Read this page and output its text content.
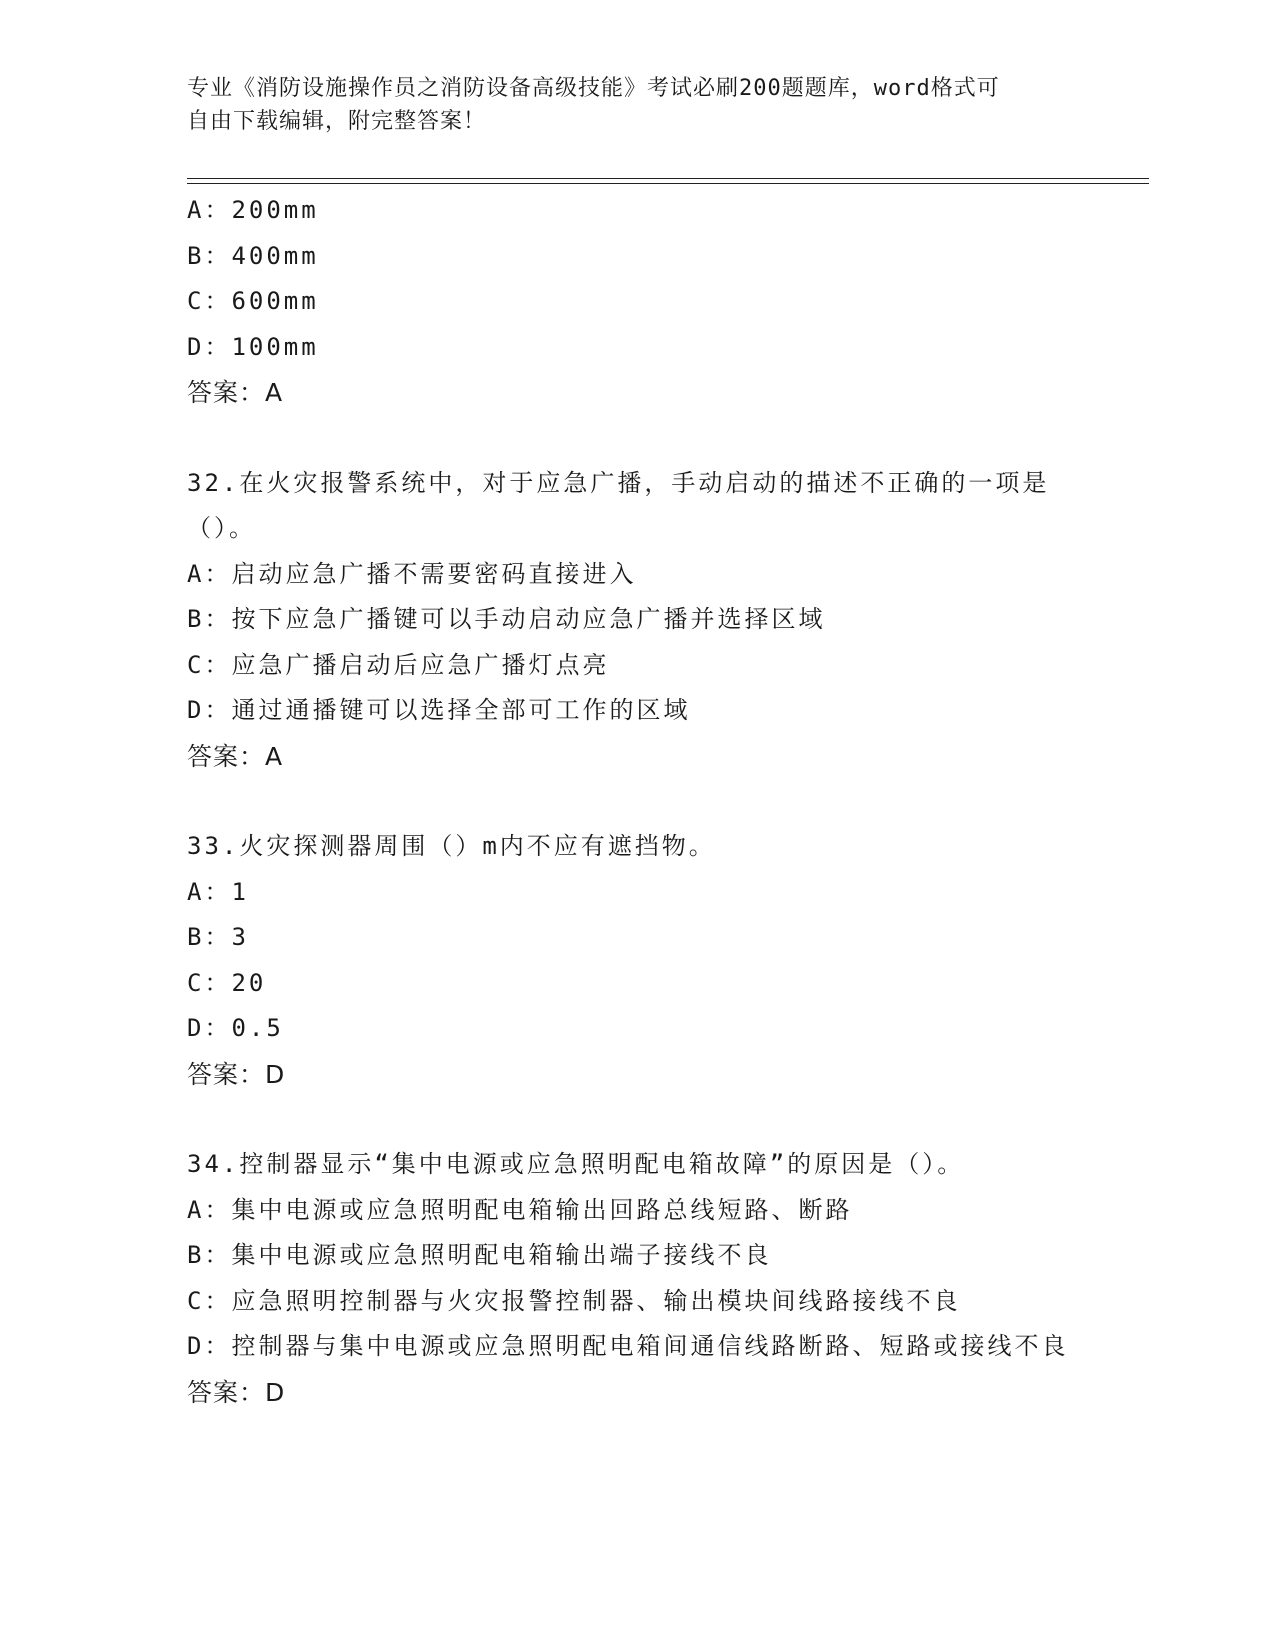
专业《消防设施操作员之消防设备高级技能》考试必刷200题题库，word格式可
自由下载编辑，附完整答案！
A：200mm
B：400mm
C：600mm
D：100mm
答案：A
32.在火灾报警系统中，对于应急广播，手动启动的描述不正确的一项是（）。
A：启动应急广播不需要密码直接进入
B：按下应急广播键可以手动启动应急广播并选择区域
C：应急广播启动后应急广播灯点亮
D：通过通播键可以选择全部可工作的区域
答案：A
33.火灾探测器周围（）m内不应有遮挡物。
A：1
B：3
C：20
D：0.5
答案：D
34.控制器显示“集中电源或应急照明配电箱故障”的原因是（）。
A：集中电源或应急照明配电箱输出回路总线短路、断路
B：集中电源或应急照明配电箱输出端子接线不良
C：应急照明控制器与火灾报警控制器、输出模块间线路接线不良
D：控制器与集中电源或应急照明配电箱间通信线路断路、短路或接线不良
答案：D
